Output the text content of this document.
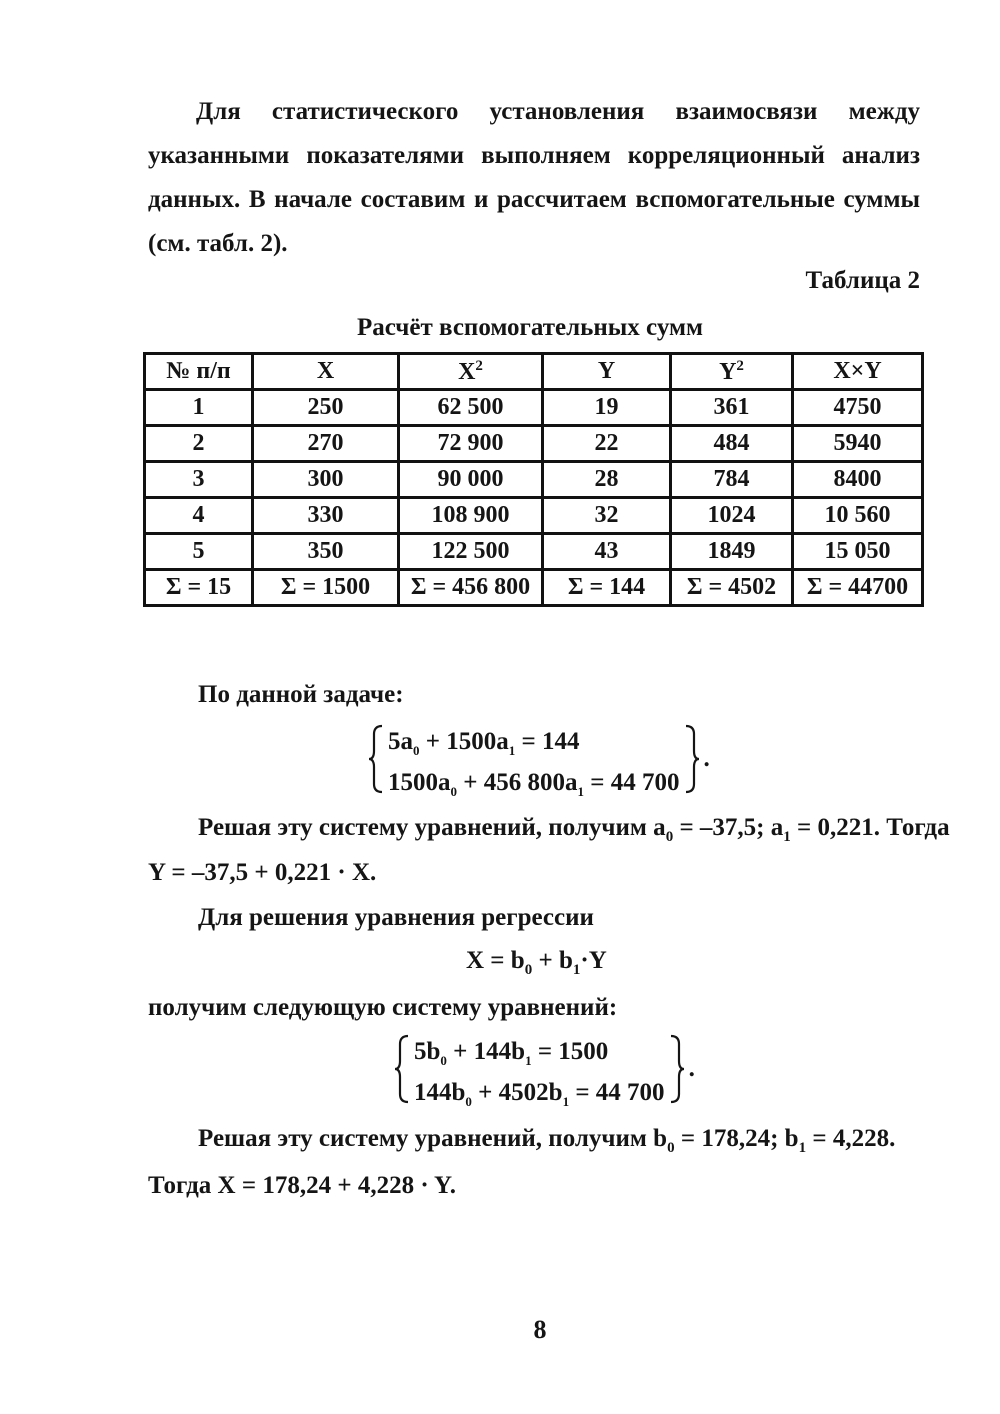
Для статистического установления взаимосвязи между указанными показателями выполняем корреляционный анализ данных. В начале составим и рассчитаем вспомогательные суммы (см. табл. 2).

Таблица 2
Расчёт вспомогательных сумм
№ п/п	X	$X^2$	Y	$Y^2$	X×Y
1	250	62 500	19	361	4750
2	270	72 900	22	484	5940
3	300	90 000	28	784	8400
4	330	108 900	32	1024	10 560
5	350	122 500	43	1849	15 050
Σ = 15	Σ = 1500	Σ = 456 800	Σ = 144	Σ = 4502	Σ = 44700
По данной задаче:
$5a_0 + 1500a_1 = 144$
$1500a_0 + 456$ $800a_1 = 44$ 700
.
Решая эту систему уравнений, получим $a_0 = -37,5$; $a_1 = 0,221$. Тогда
Y = –37,5 + 0,221 · X.
Для решения уравнения регрессии
$X = b_0 + b_1\cdot Y$
получим следующую систему уравнений:
$5b_0 + 144b_1 = 1500$
$144b_0 + 4502b_1 = 44$ 700
.
Решая эту систему уравнений, получим $b_0 = 178,24$; $b_1 = 4,228$.
Тогда X = 178,24 + 4,228 · Y.
8
